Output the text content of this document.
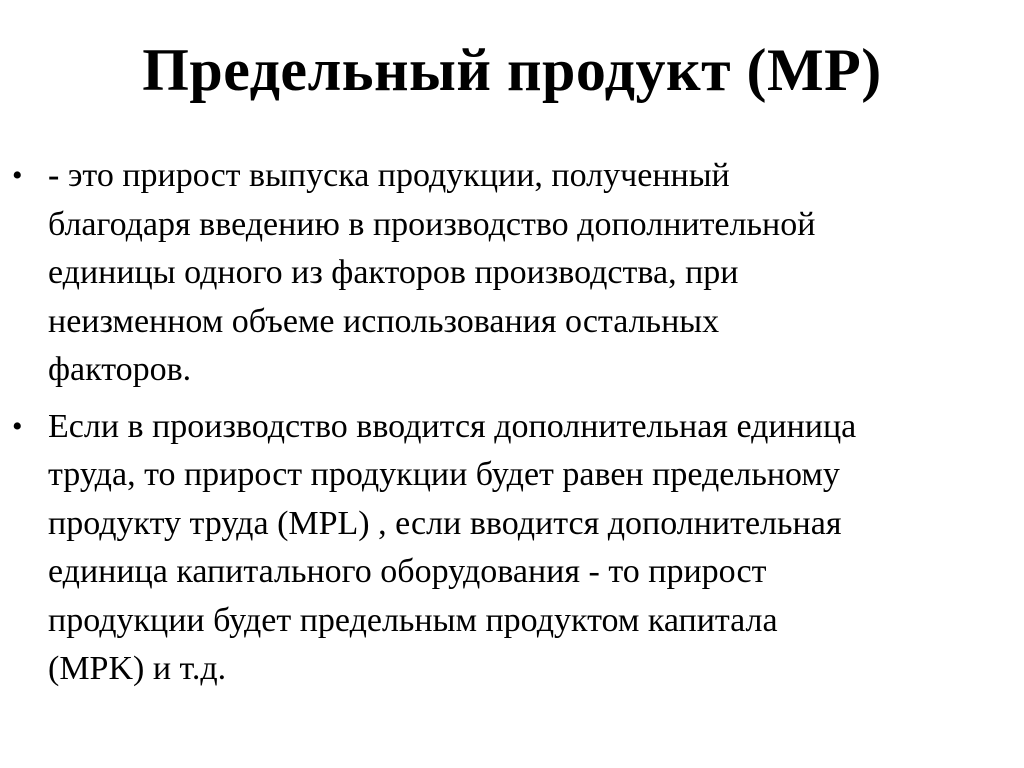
Предельный продукт (МР)
• - это прирост выпуска продукции, полученный
благодаря введению в производство дополнительной
единицы одного из факторов производства, при
неизменном объеме использования остальных
факторов.
• Если в производство вводится дополнительная единица
труда, то прирост продукции будет равен предельному
продукту труда (MPL) , если вводится дополнительная
единица капитального оборудования - то прирост
продукции будет предельным продуктом капитала
(MPK) и т.д.
